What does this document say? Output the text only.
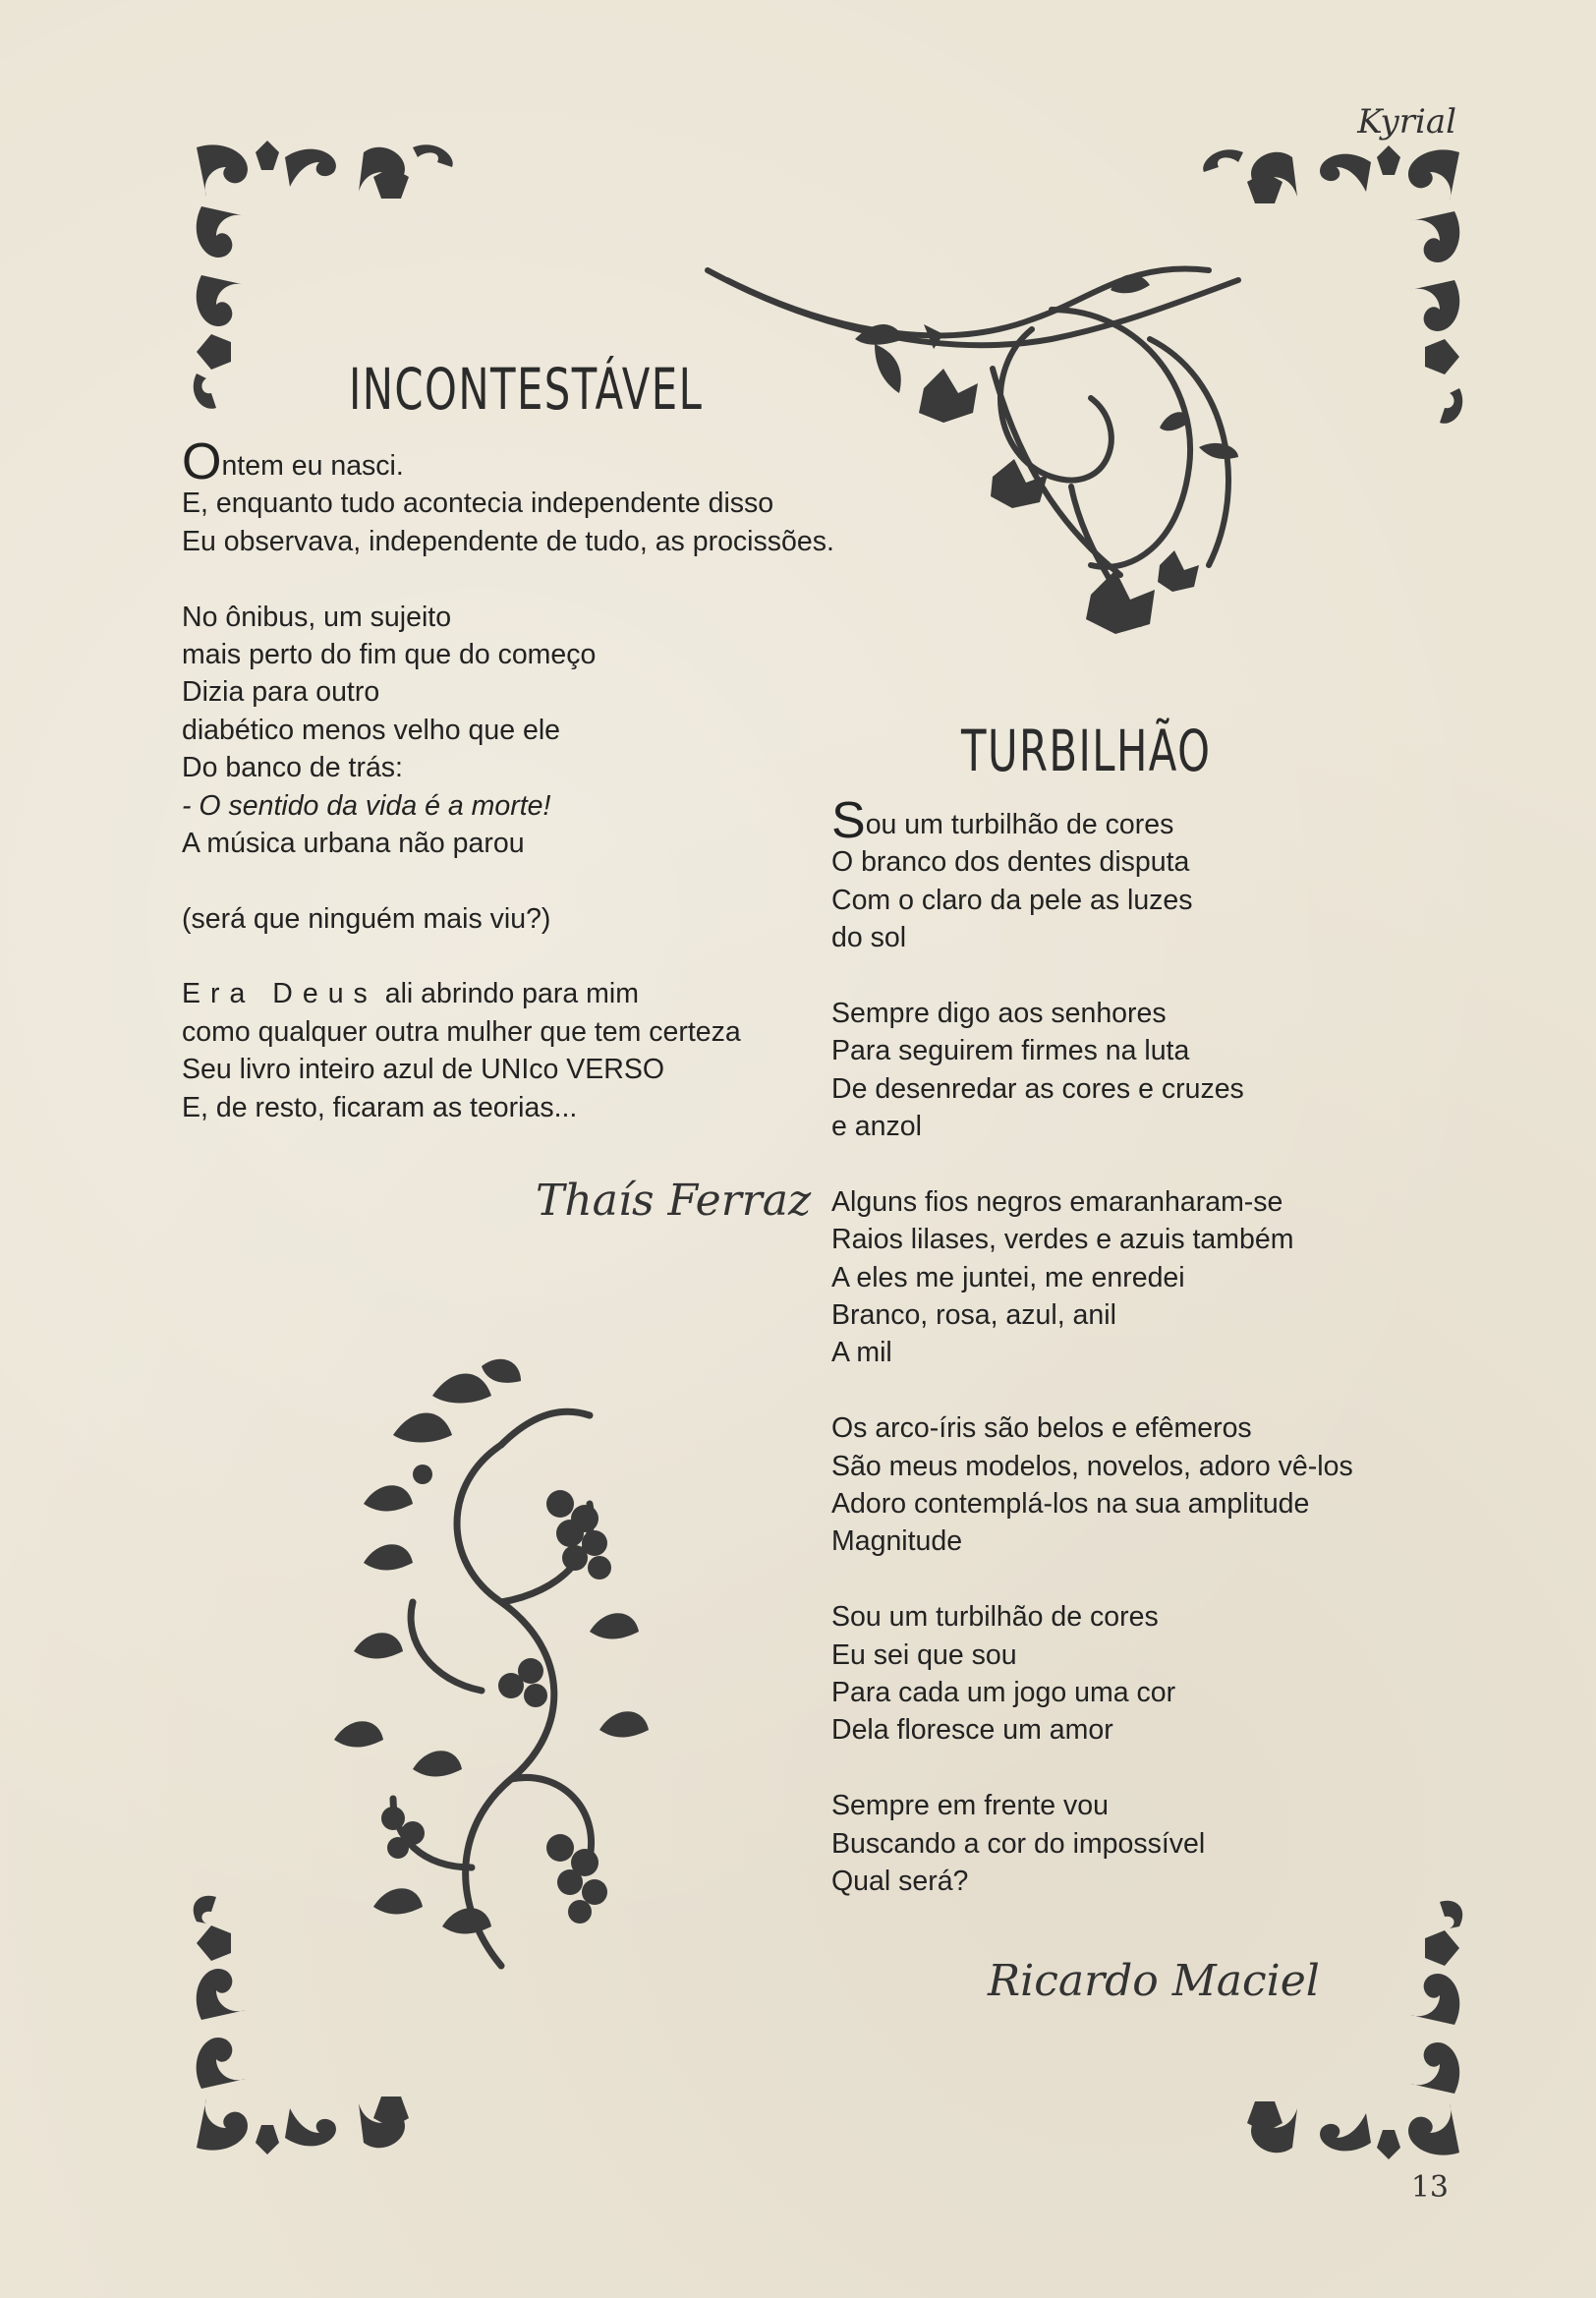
Kyrial
INCONTESTÁVEL
Ontem eu nasci.
E, enquanto tudo acontecia independente disso
Eu observava, independente de tudo, as procissões.
No ônibus, um sujeito
mais perto do fim que do começo
Dizia para outro
diabético menos velho que ele
Do banco de trás:
- O sentido da vida é a morte!
A música urbana não parou
(será que ninguém mais viu?)
Era Deus ali abrindo para mim
como qualquer outra mulher que tem certeza
Seu livro inteiro azul de UNIco VERSO
E, de resto, ficaram as teorias...
Thaís Ferraz
TURBILHÃO
Sou um turbilhão de cores
O branco dos dentes disputa
Com o claro da pele as luzes
do sol
Sempre digo aos senhores
Para seguirem firmes na luta
De desenredar as cores e cruzes
e anzol
Alguns fios negros emaranharam-se
Raios lilases, verdes e azuis também
A eles me juntei, me enredei
Branco, rosa, azul, anil
A mil
Os arco-íris são belos e efêmeros
São meus modelos, novelos, adoro vê-los
Adoro contemplá-los na sua amplitude
Magnitude
Sou um turbilhão de cores
Eu sei que sou
Para cada um jogo uma cor
Dela floresce um amor
Sempre em frente vou
Buscando a cor do impossível
Qual será?
Ricardo Maciel
13
